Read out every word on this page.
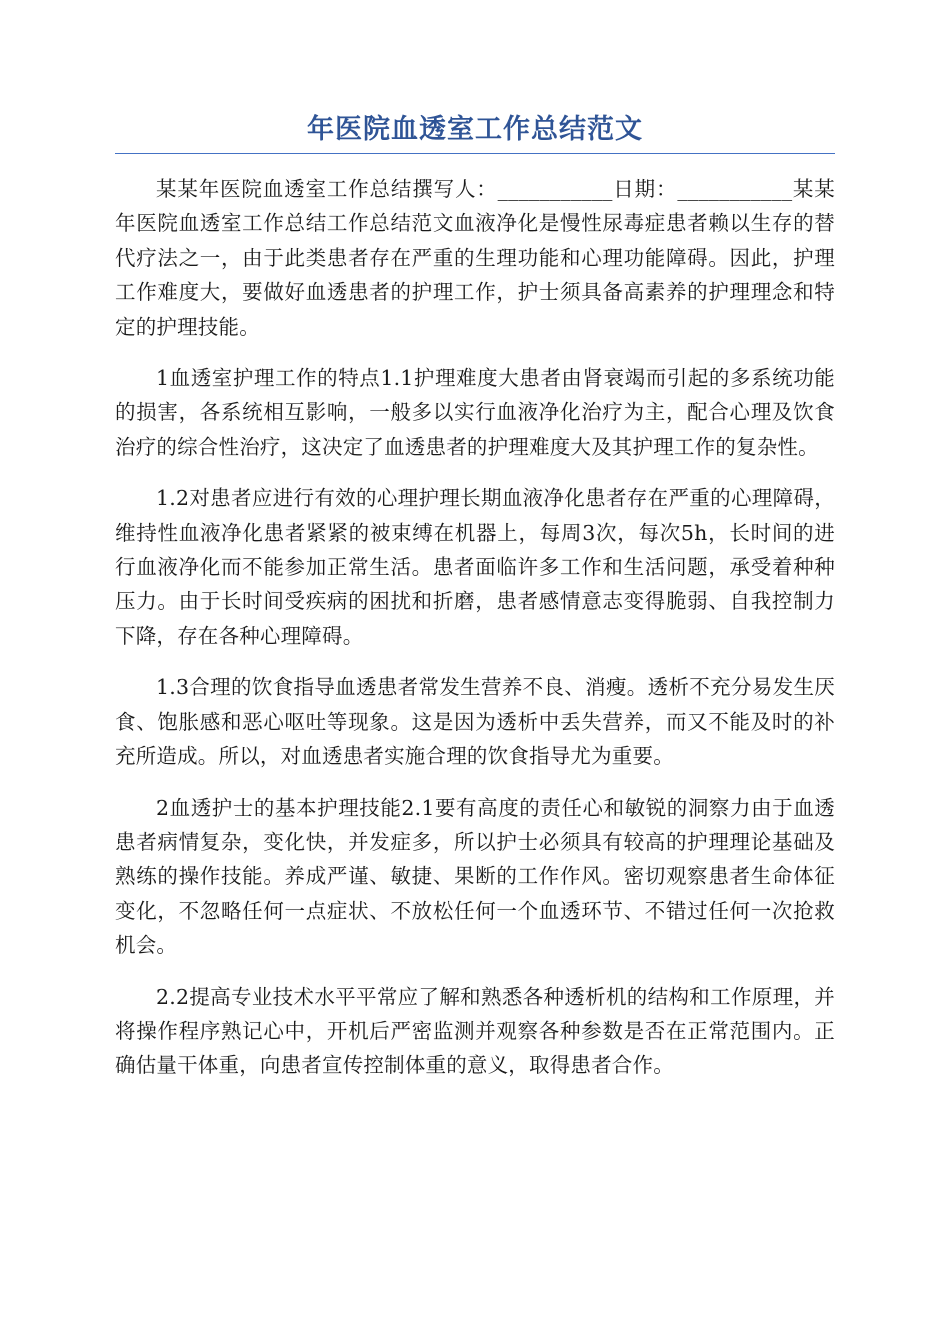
年医院血透室工作总结范文

某某年医院血透室工作总结撰写人：___________日期：___________某某年医院血透室工作总结工作总结范文血液净化是慢性尿毒症患者赖以生存的替代疗法之一，由于此类患者存在严重的生理功能和心理功能障碍。因此，护理工作难度大，要做好血透患者的护理工作，护士须具备高素养的护理理念和特定的护理技能。

1血透室护理工作的特点1.1护理难度大患者由肾衰竭而引起的多系统功能的损害，各系统相互影响，一般多以实行血液净化治疗为主，配合心理及饮食治疗的综合性治疗，这决定了血透患者的护理难度大及其护理工作的复杂性。

1.2对患者应进行有效的心理护理长期血液净化患者存在严重的心理障碍，维持性血液净化患者紧紧的被束缚在机器上，每周3次，每次5h，长时间的进行血液净化而不能参加正常生活。患者面临许多工作和生活问题，承受着种种压力。由于长时间受疾病的困扰和折磨，患者感情意志变得脆弱、自我控制力下降，存在各种心理障碍。

1.3合理的饮食指导血透患者常发生营养不良、消瘦。透析不充分易发生厌食、饱胀感和恶心呕吐等现象。这是因为透析中丢失营养，而又不能及时的补充所造成。所以，对血透患者实施合理的饮食指导尤为重要。

2血透护士的基本护理技能2.1要有高度的责任心和敏锐的洞察力由于血透患者病情复杂，变化快，并发症多，所以护士必须具有较高的护理理论基础及熟练的操作技能。养成严谨、敏捷、果断的工作作风。密切观察患者生命体征变化，不忽略任何一点症状、不放松任何一个血透环节、不错过任何一次抢救机会。

2.2提高专业技术水平平常应了解和熟悉各种透析机的结构和工作原理，并将操作程序熟记心中，开机后严密监测并观察各种参数是否在正常范围内。正确估量干体重，向患者宣传控制体重的意义，取得患者合作。
